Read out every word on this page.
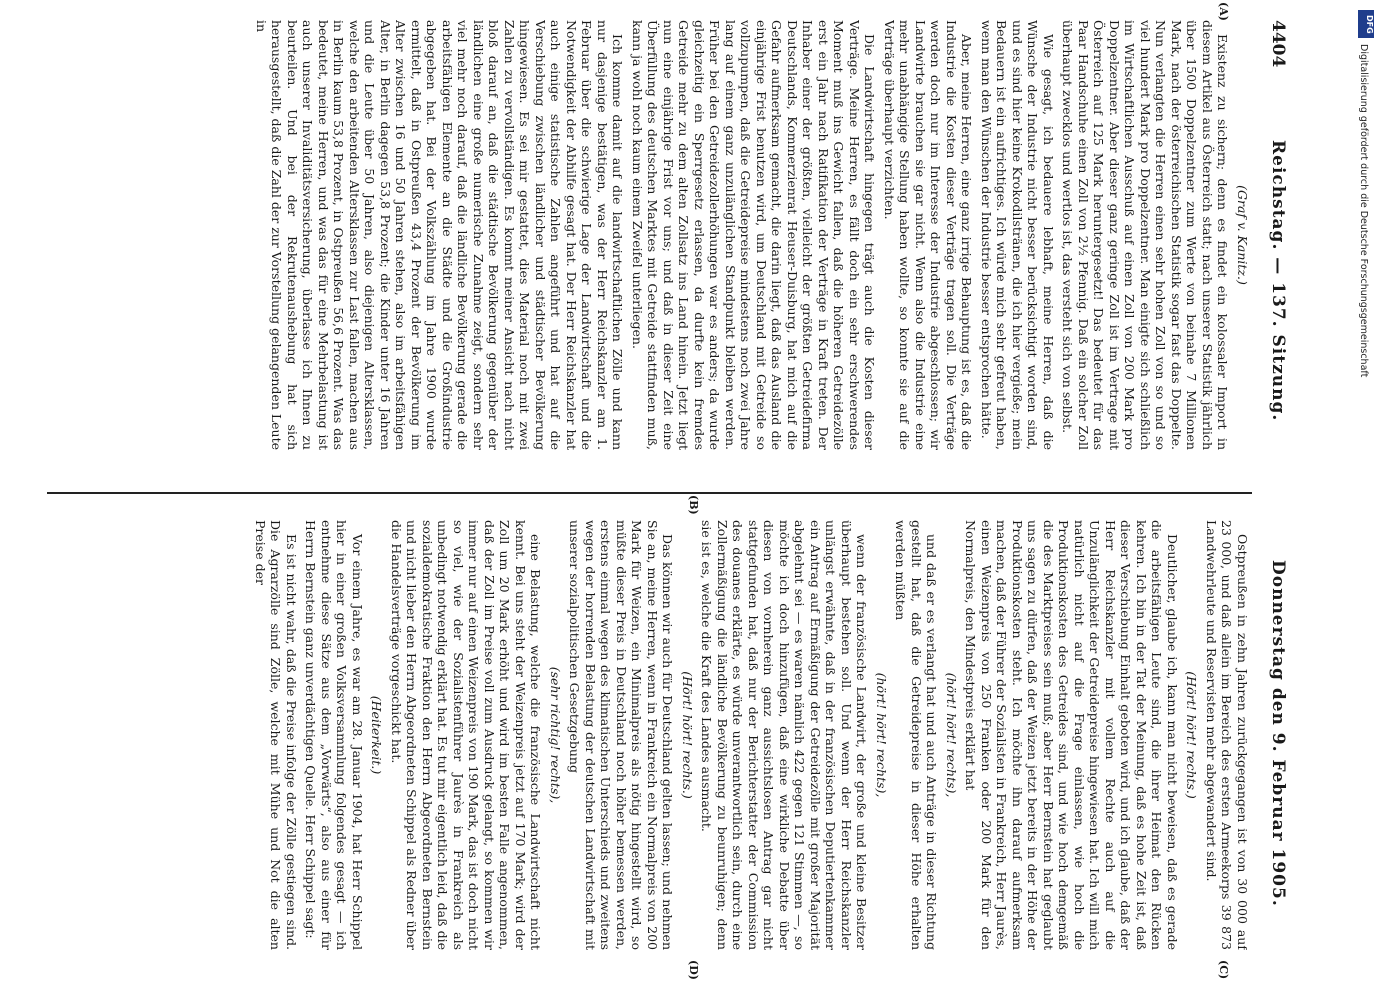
4404
Reichstag. — 137. Sitzung.
Donnerstag den 9. Februar 1905.
(A)
(B)
(C)
(D)

(Graf v. Kanitz.)

Existenz zu sichern; denn es findet ein kolossaler Import in diesem Artikel aus Österreich statt; nach unserer Statistik jährlich über 1500 Doppelzentner zum Werte von beinahe 7 Millionen Mark, nach der österreichischen Statistik sogar fast das Doppelte. Nun verlangten die Herren einen sehr hohen Zoll von so und so viel hundert Mark pro Doppelzentner. Man einigte sich schließlich im Wirtschaftlichen Ausschuß auf einen Zoll von 200 Mark pro Doppelzentner. Aber dieser ganz geringe Zoll ist im Vertrage mit Österreich auf 125 Mark heruntergesetzt! Das bedeutet für das Paar Handschuhe einen Zoll von 2½ Pfennig. Daß ein solcher Zoll überhaupt zwecklos und wertlos ist, das versteht sich von selbst.

Wie gesagt, ich bedauere lebhaft, meine Herren, daß die Wünsche der Industrie nicht besser berücksichtigt worden sind, und es sind hier keine Krokodilstränen, die ich hier vergieße; mein Bedauern ist ein aufrichtiges. Ich würde mich sehr gefreut haben, wenn man den Wünschen der Industrie besser entsprochen hätte.

Aber, meine Herren, eine ganz irrige Behauptung ist es, daß die Industrie die Kosten dieser Verträge tragen soll. Die Verträge werden doch nur im Interesse der Industrie abgeschlossen; wir Landwirte brauchen sie gar nicht. Wenn also die Industrie eine mehr unabhängige Stellung haben wollte, so konnte sie auf die Verträge überhaupt verzichten.

Die Landwirtschaft hingegen trägt auch die Kosten dieser Verträge. Meine Herren, es fällt doch ein sehr erschwerendes Moment muß ins Gewicht fallen, daß die höheren Getreidezölle erst ein Jahr nach Ratifikation der Verträge in Kraft treten. Der Inhaber einer der größten, vielleicht der größten Getreidefirma Deutschlands, Kommerzienrat Heuser-Duisburg, hat mich auf die Gefahr aufmerksam gemacht, die darin liegt, daß das Ausland die einjährige Frist benutzen wird, um Deutschland mit Getreide so vollzupumpen, daß die Getreidepreise mindestens noch zwei Jahre lang auf einem ganz unzulänglichen Standpunkt bleiben werden. Früher bei den Getreidezollerhöhungen war es anders; da wurde gleichzeitig ein Sperrgesetz erlassen, da durfte kein fremdes Getreide mehr zu dem alten Zollsatz ins Land hinein. Jetzt liegt nun eine einjährige Frist vor uns; und daß in dieser Zeit eine Überfüllung des deutschen Marktes mit Getreide stattfinden muß, kann ja wohl noch kaum einem Zweifel unterliegen.

Ich komme damit auf die landwirtschaftlichen Zölle und kann nur dasjenige bestätigen, was der Herr Reichskanzler am 1. Februar über die schwierige Lage der Landwirtschaft und die Notwendigkeit der Abhilfe gesagt hat. Der Herr Reichskanzler hat auch einige statistische Zahlen angeführt und hat auf die Verschiebung zwischen ländlicher und städtischer Bevölkerung hingewiesen. Es sei mir gestattet, dies Material noch mit zwei Zahlen zu vervollständigen. Es kommt meiner Ansicht nach nicht bloß darauf an, daß die städtische Bevölkerung gegenüber der ländlichen eine große numerische Zunahme zeigt, sondern sehr viel mehr noch darauf, daß die ländliche Bevölkerung gerade die arbeitsfähigen Elemente an die Städte und die Großindustrie abgegeben hat. Bei der Volkszählung im Jahre 1900 wurde ermittelt, daß in Ostpreußen 43,4 Prozent der Bevölkerung im Alter zwischen 16 und 50 Jahren stehen, also im arbeitsfähigen Alter, in Berlin dagegen 53,8 Prozent; die Kinder unter 16 Jahren und die Leute über 50 Jahren, also diejenigen Altersklassen, welche den arbeitenden Altersklassen zur Last fallen, machen aus in Berlin kaum 53,8 Prozent, in Ostpreußen 56,6 Prozent. Was das bedeutet, meine Herren, und was das für eine Mehrbelastung ist auch unserer Invaliditätsversicherung, überlasse ich Ihnen zu beurteilen. Und bei der Rekrutenaushebung hat sich herausgestellt, daß die Zahl der zur Vorstellung gelangenden Leute in

Ostpreußen in zehn Jahren zurückgegangen ist von 30 000 auf 23 000, und daß allein im Bereich des ersten Armeekorps 39 873 Landwehrleute und Reservisten mehr abgewandert sind.

(Hört! hört! rechts.)

Deutlicher, glaube ich, kann man nicht beweisen, daß es gerade die arbeitsfähigen Leute sind, die ihrer Heimat den Rücken kehren. Ich bin in der Tat der Meinung, daß es hohe Zeit ist, daß dieser Verschiebung Einhalt geboten wird, und ich glaube, daß der Herr Reichskanzler mit vollem Rechte auch auf die Unzulänglichkeit der Getreidepreise hingewiesen hat. Ich will mich natürlich nicht auf die Frage einlassen, wie hoch die Produktionskosten des Getreides sind, und wie hoch demgemäß die des Marktpreises sein muß; aber Herr Bernstein hat geglaubt uns sagen zu dürfen, daß der Weizen jetzt bereits in der Höhe der Produktionskosten steht. Ich möchte ihn darauf aufmerksam machen, daß der Führer der Sozialisten in Frankreich, Herr Jaurès, einen Weizenpreis von 250 Franken oder 200 Mark für den Normalpreis, den Mindestpreis erklärt hat

(hört! hört! rechts),

und daß er es verlangt hat und auch Anträge in dieser Richtung gestellt hat, daß die Getreidepreise in dieser Höhe erhalten werden müßten

(hört! hört! rechts),

wenn der französische Landwirt, der große und kleine Besitzer überhaupt bestehen soll. Und wenn der Herr Reichskanzler unlängst erwähnte, daß in der französischen Deputiertenkammer ein Antrag auf Ermäßigung der Getreidezölle mit großer Majorität abgelehnt sei — es waren nämlich 422 gegen 121 Stimmen —, so möchte ich doch hinzufügen, daß eine wirkliche Debatte über diesen von vornherein ganz aussichtslosen Antrag gar nicht stattgefunden hat, daß nur der Berichterstatter der Commission des douanes erklärte, es würde unverantwortlich sein, durch eine Zollermäßigung die ländliche Bevölkerung zu beunruhigen; denn sie ist es, welche die Kraft des Landes ausmacht.

(Hört! hört! rechts.)

Das können wir auch für Deutschland gelten lassen; und nehmen Sie an, meine Herren, wenn in Frankreich ein Normalpreis von 200 Mark für Weizen, ein Minimalpreis als nötig hingestellt wird, so müßte dieser Preis in Deutschland noch höher bemessen werden, erstens einmal wegen des klimatischen Unterschieds und zweitens wegen der horrenden Belastung der deutschen Landwirtschaft mit unserer sozialpolitischen Gesetzgebung

(sehr richtig! rechts),

eine Belastung, welche die französische Landwirtschaft nicht kennt. Bei uns steht der Weizenpreis jetzt auf 170 Mark; wird der Zoll um 20 Mark erhöht und wird im besten Falle angenommen, daß der Zoll im Preise voll zum Ausdruck gelangt, so kommen wir immer nur auf einen Weizenpreis von 190 Mark, das ist doch nicht so viel, wie der Sozialistenführer Jaurès in Frankreich als unbedingt notwendig erklärt hat. Es tut mir eigentlich leid, daß die sozialdemokratische Fraktion den Herrn Abgeordneten Bernstein und nicht lieber den Herrn Abgeordneten Schippel als Redner über die Handelsverträge vorgeschickt hat.

(Heiterkeit.)

Vor einem Jahre, es war am 28. Januar 1904, hat Herr Schippel hier in einer großen Volksversammlung folgendes gesagt — ich entnehme diese Sätze aus dem „Vorwärts“, also aus einer für Herrn Bernstein ganz unverdächtigen Quelle. Herr Schippel sagt:

Es ist nicht wahr, daß die Preise infolge der Zölle gestiegen sind. Die Agrarzölle sind Zölle, welche mit Mühe und Not die alten Preise der

DFG
Digitalisierung gefördert durch die Deutsche Forschungsgemeinschaft
